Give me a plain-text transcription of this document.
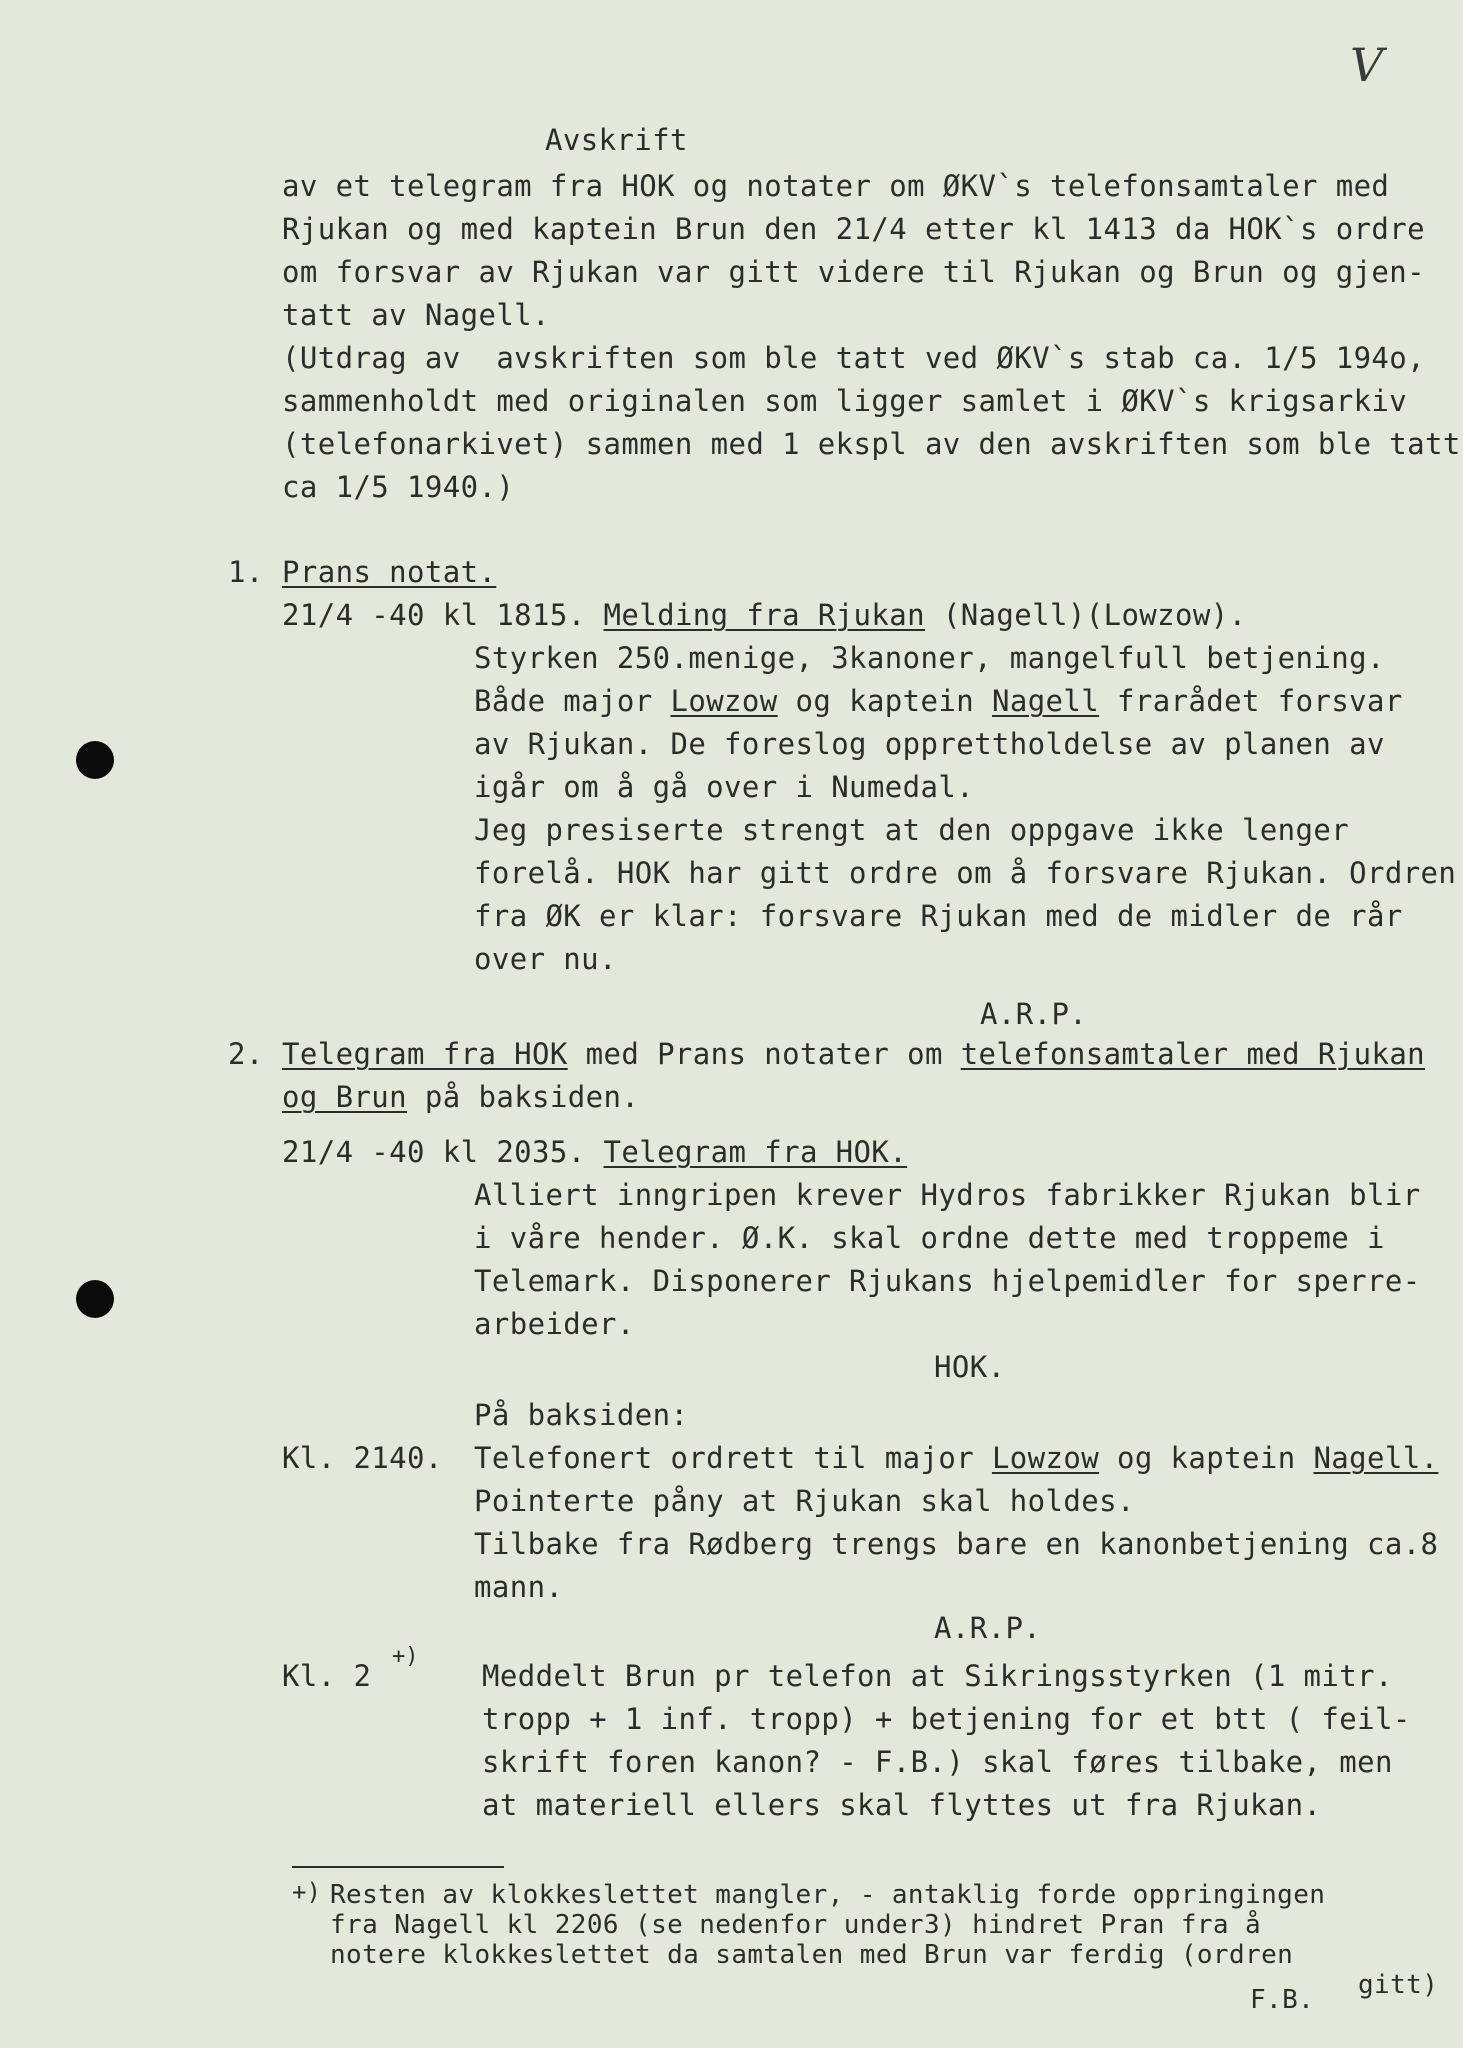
V
Avskrift
av et telegram fra HOK og notater om ØKV`s telefonsamtaler med
Rjukan og med kaptein Brun den 21/4 etter kl 1413 da HOK`s ordre
om forsvar av Rjukan var gitt videre til Rjukan og Brun og gjen-
tatt av Nagell.
(Utdrag av  avskriften som ble tatt ved ØKV`s stab ca. 1/5 194o,
sammenholdt med originalen som ligger samlet i ØKV`s krigsarkiv
(telefonarkivet) sammen med 1 ekspl av den avskriften som ble tatt
ca 1/5 1940.)
1. Prans notat.
21/4 -40 kl 1815. Melding fra Rjukan (Nagell)(Lowzow).
Styrken 250.menige, 3kanoner, mangelfull betjening.
Både major Lowzow og kaptein Nagell frarådet forsvar
av Rjukan. De foreslog opprettholdelse av planen av
igår om å gå over i Numedal.
Jeg presiserte strengt at den oppgave ikke lenger
forelå. HOK har gitt ordre om å forsvare Rjukan. Ordren
fra ØK er klar: forsvare Rjukan med de midler de rår
over nu.
A.R.P.
2. Telegram fra HOK med Prans notater om telefonsamtaler med Rjukan
og Brun på baksiden.
21/4 -40 kl 2035. Telegram fra HOK.
Alliert inngripen krever Hydros fabrikker Rjukan blir
i våre hender. Ø.K. skal ordne dette med troppeme i
Telemark. Disponerer Rjukans hjelpemidler for sperre-
arbeider.
HOK.
På baksiden:
Kl. 2140. Telefonert ordrett til major Lowzow og kaptein Nagell.
Pointerte påny at Rjukan skal holdes.
Tilbake fra Rødberg trengs bare en kanonbetjening ca.8
mann.
A.R.P.
Kl. 2
+)
Meddelt Brun pr telefon at Sikringsstyrken (1 mitr.
tropp + 1 inf. tropp) + betjening for et btt ( feil-
skrift foren kanon? - F.B.) skal føres tilbake, men
at materiell ellers skal flyttes ut fra Rjukan.
+) Resten av klokkeslettet mangler, - antaklig forde oppringingen
fra Nagell kl 2206 (se nedenfor under3) hindret Pran fra å
notere klokkeslettet da samtalen med Brun var ferdig (ordren
gitt)
F.B.
